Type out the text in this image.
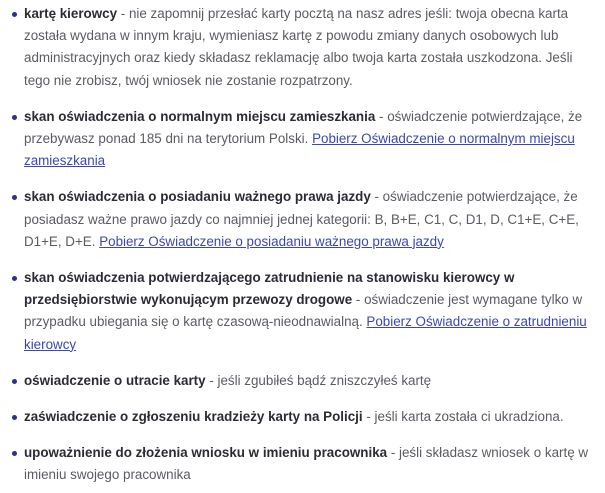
kartę kierowcy - nie zapomnij przesłać karty pocztą na nasz adres jeśli: twoja obecna karta została wydana w innym kraju, wymieniasz kartę z powodu zmiany danych osobowych lub administracyjnych oraz kiedy składasz reklamację albo twoja karta została uszkodzona. Jeśli tego nie zrobisz, twój wniosek nie zostanie rozpatrzony.
skan oświadczenia o normalnym miejscu zamieszkania - oświadczenie potwierdzające, że przebywasz ponad 185 dni na terytorium Polski. Pobierz Oświadczenie o normalnym miejscu zamieszkania
skan oświadczenia o posiadaniu ważnego prawa jazdy - oświadczenie potwierdzające, że posiadasz ważne prawo jazdy co najmniej jednej kategorii: B, B+E, C1, C, D1, D, C1+E, C+E, D1+E, D+E. Pobierz Oświadczenie o posiadaniu ważnego prawa jazdy
skan oświadczenia potwierdzającego zatrudnienie na stanowisku kierowcy w przedsiębiorstwie wykonującym przewozy drogowe - oświadczenie jest wymagane tylko w przypadku ubiegania się o kartę czasową-nieodnawialną. Pobierz Oświadczenie o zatrudnieniu kierowcy
oświadczenie o utracie karty - jeśli zgubiłeś bądź zniszczyłeś kartę
zaświadczenie o zgłoszeniu kradzieży karty na Policji - jeśli karta została ci ukradziona.
upoważnienie do złożenia wniosku w imieniu pracownika - jeśli składasz wniosek o kartę w imieniu swojego pracownika
